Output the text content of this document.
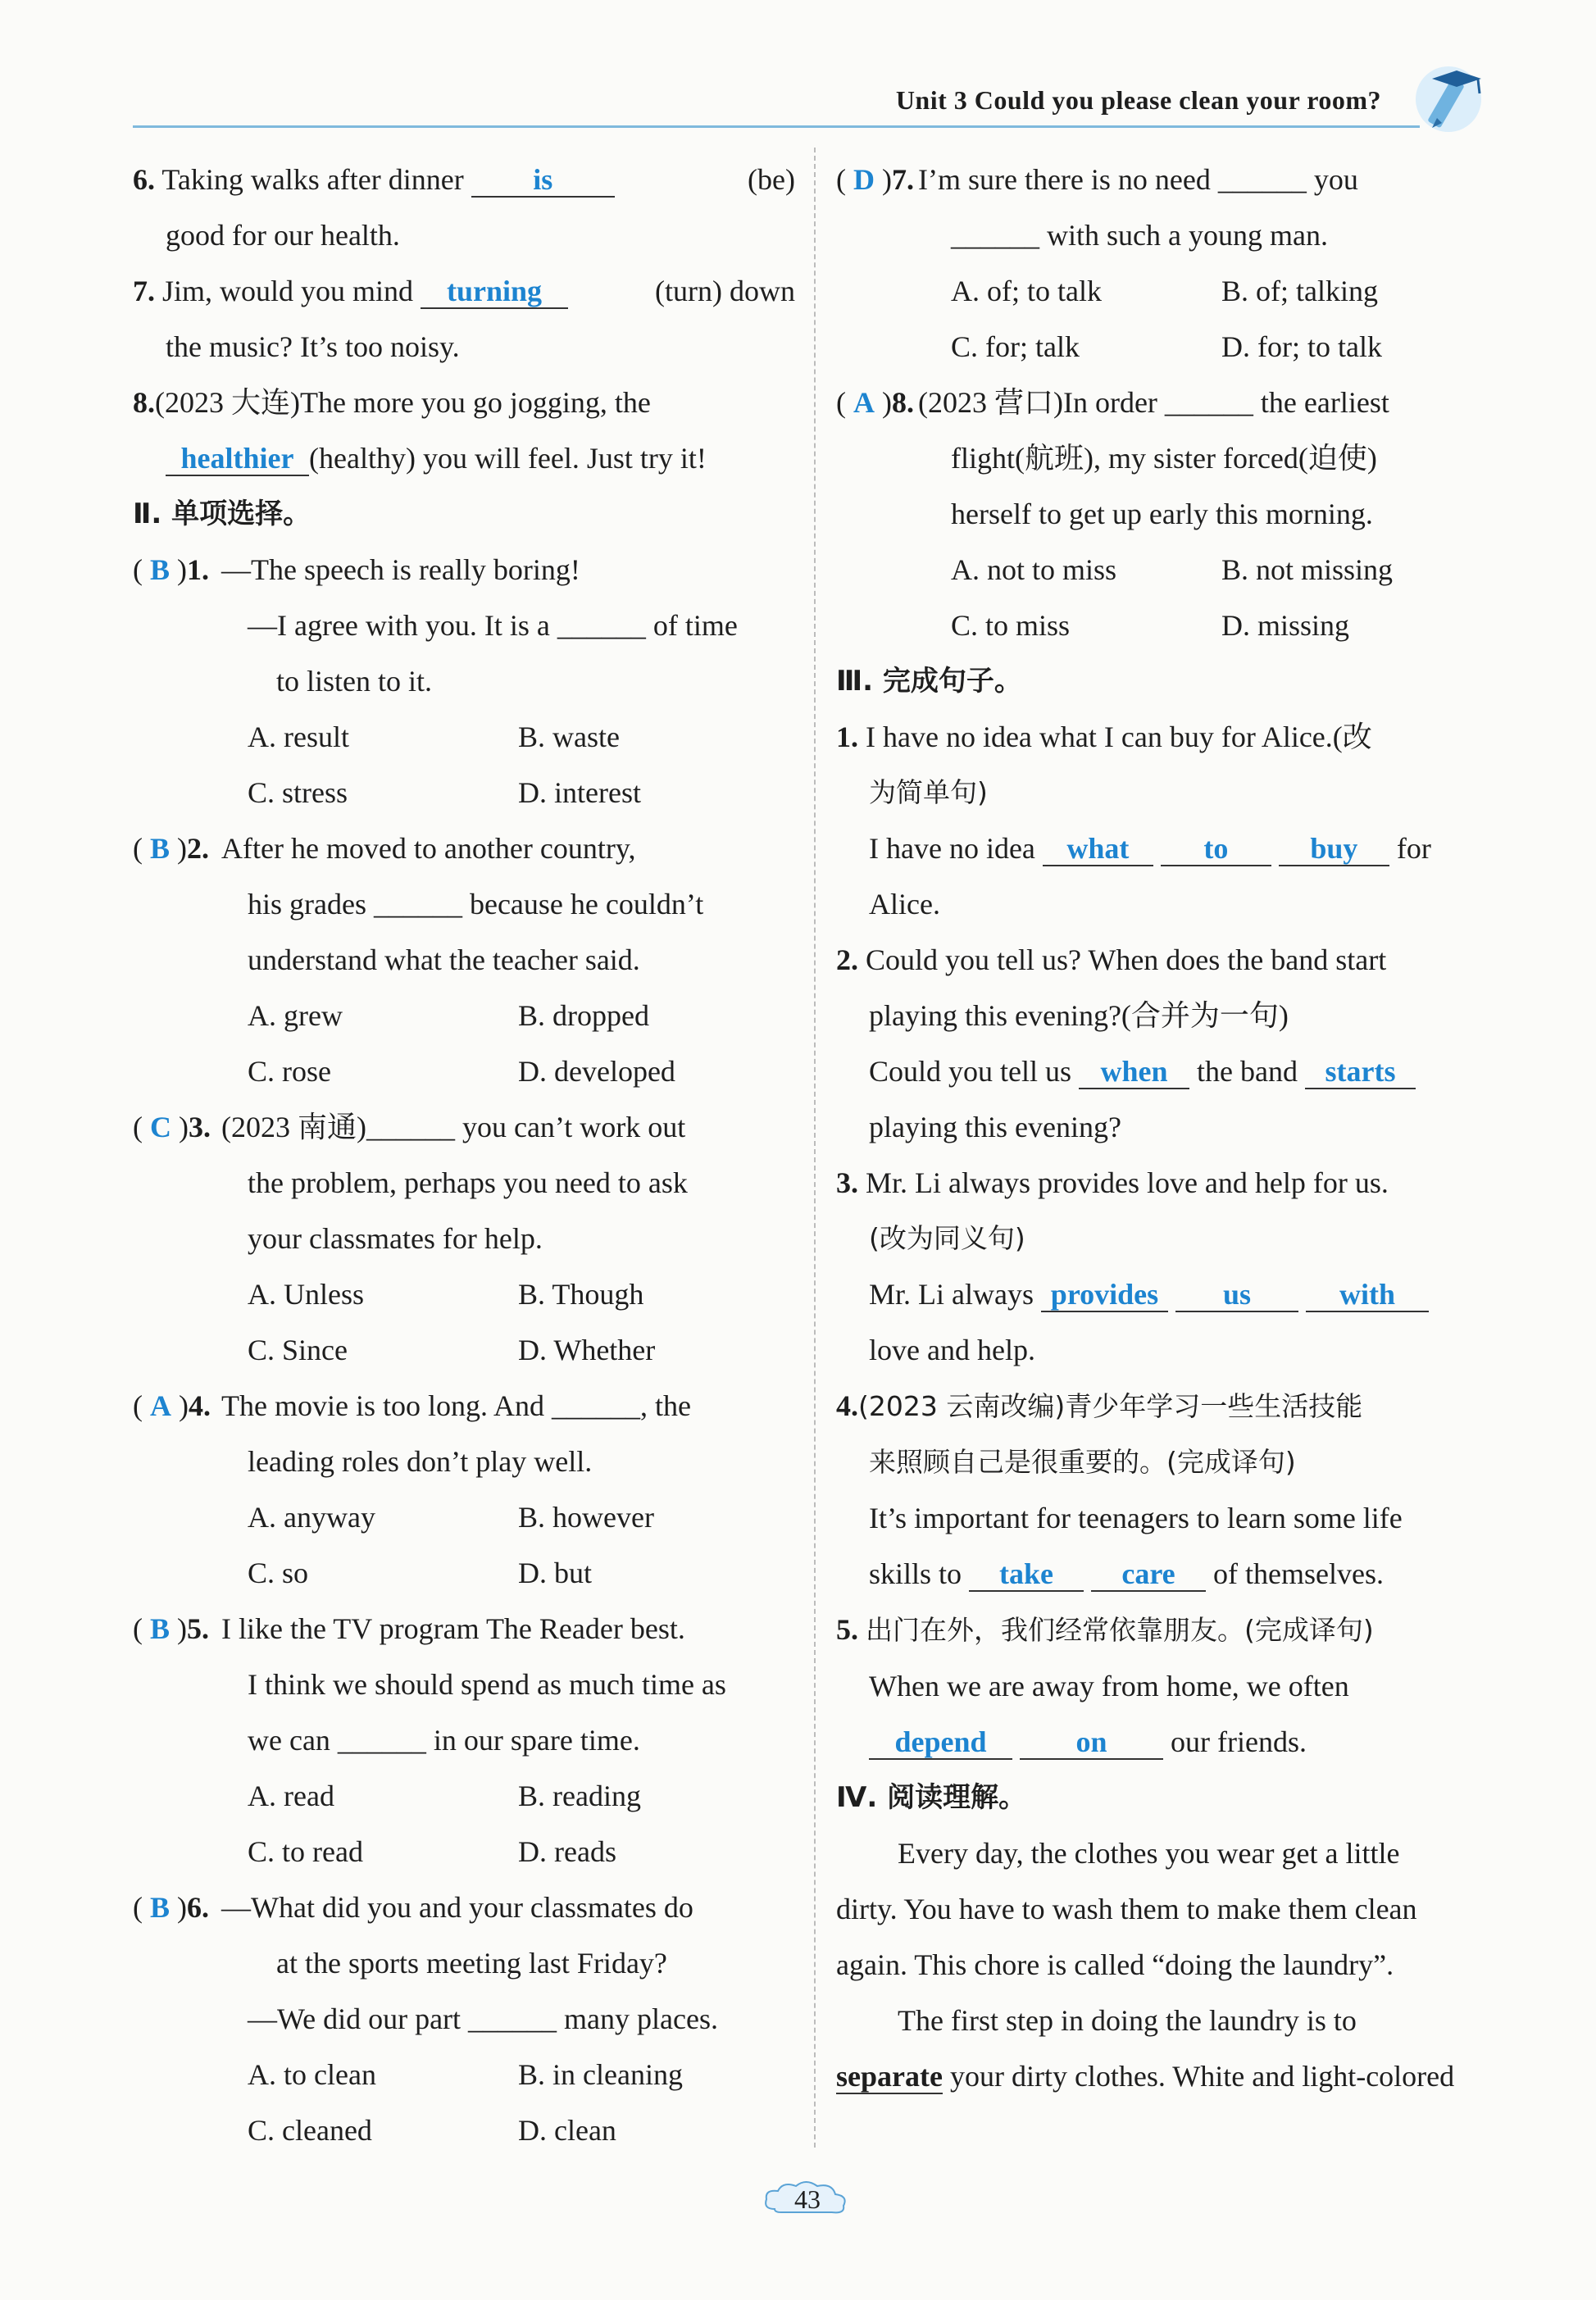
Unit 3 Could you please clean your room?
6. Taking walks after dinner is	(be)
good for our health.
7. Jim, would you mind turning	(turn) down
the music? It’s too noisy.
8.(2023 大连)The more you go jogging, the
healthier (healthy) you will feel. Just try it!
Ⅱ. 单项选择。
( B )1. —The speech is really boring!
—I agree with you. It is a ______ of time
to listen to it.
A. result	B. waste
C. stress	D. interest
( B )2. After he moved to another country,
his grades ______ because he couldn’t
understand what the teacher said.
A. grew	B. dropped
C. rose	D. developed
( C )3. (2023 南通)______ you can’t work out
the problem, perhaps you need to ask
your classmates for help.
A. Unless	B. Though
C. Since	D. Whether
( A )4. The movie is too long. And ______, the
leading roles don’t play well.
A. anyway	B. however
C. so	D. but
( B )5. I like the TV program The Reader best.
I think we should spend as much time as
we can ______ in our spare time.
A. read	B. reading
C. to read	D. reads
( B )6. —What did you and your classmates do
at the sports meeting last Friday?
—We did our part ______ many places.
A. to clean	B. in cleaning
C. cleaned	D. clean
( D )7. I’m sure there is no need ______ you
______ with such a young man.
A. of; to talk	B. of; talking
C. for; talk	D. for; to talk
( A )8. (2023 营口)In order ______ the earliest
flight(航班), my sister forced(迫使)
herself to get up early this morning.
A. not to miss	B. not missing
C. to miss	D. missing
Ⅲ. 完成句子。
1. I have no idea what I can buy for Alice.(改
为简单句)
I have no idea what	to	buy for
Alice.
2. Could you tell us? When does the band start
playing this evening?(合并为一句)
Could you tell us when the band starts
playing this evening?
3. Mr. Li always provides love and help for us.
(改为同义句)
Mr. Li always provides us	with
love and help.
4.(2023 云南改编)青少年学习一些生活技能
来照顾自己是很重要的。(完成译句)
It’s important for teenagers to learn some life
skills to take care of themselves.
5. 出门在外，我们经常依靠朋友。(完成译句)
When we are away from home, we often
depend	on our friends.
Ⅳ. 阅读理解。
Every day, the clothes you wear get a little
dirty. You have to wash them to make them clean
again. This chore is called “doing the laundry”.
The first step in doing the laundry is to
separate your dirty clothes. White and light-colored
43
